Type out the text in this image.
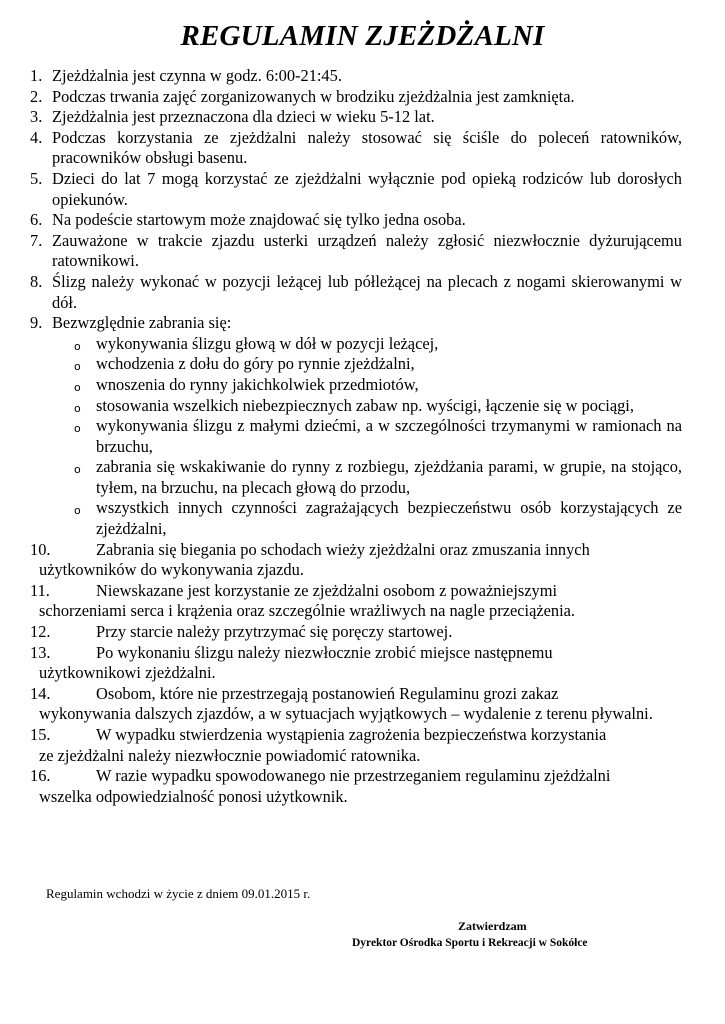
REGULAMIN ZJEŻDŻALNI
1. Zjeżdżalnia jest czynna w godz. 6:00-21:45.
2. Podczas trwania zajęć zorganizowanych w brodziku zjeżdżalnia jest zamknięta.
3. Zjeżdżalnia jest przeznaczona dla dzieci w wieku 5-12 lat.
4. Podczas korzystania ze zjeżdżalni należy stosować się ściśle do poleceń ratowników, pracowników obsługi basenu.
5. Dzieci do lat 7 mogą korzystać ze zjeżdżalni wyłącznie pod opieką rodziców lub dorosłych opiekunów.
6. Na podeście startowym może znajdować się tylko jedna osoba.
7. Zauważone w trakcie zjazdu usterki urządzeń należy zgłosić niezwłocznie dyżurującemu ratownikowi.
8. Ślizg należy wykonać w pozycji leżącej lub półleżącej na plecach z nogami skierowanymi w dół.
9. Bezwzględnie zabrania się:
o wykonywania ślizgu głową w dół w pozycji leżącej,
o wchodzenia z dołu do góry po rynnie zjeżdżalni,
o wnoszenia do rynny jakichkolwiek przedmiotów,
o stosowania wszelkich niebezpiecznych zabaw np. wyścigi, łączenie się w pociągi,
o wykonywania ślizgu z małymi dziećmi, a w szczególności trzymanymi w ramionach na brzuchu,
o zabrania się wskakiwanie do rynny z rozbiegu, zjeżdżania parami, w grupie, na stojąco, tyłem, na brzuchu, na plecach głową do przodu,
o wszystkich innych czynności zagrażających bezpieczeństwu osób korzystających ze zjeżdżalni,
10.	Zabrania się biegania po schodach wieży zjeżdżalni oraz zmuszania innych
użytkowników do wykonywania zjazdu.
11.	Niewskazane jest korzystanie ze zjeżdżalni osobom z poważniejszymi
schorzeniami serca i krążenia oraz szczególnie wrażliwych na nagle przeciążenia.
12.	Przy starcie należy przytrzymać się poręczy startowej.
13.	Po wykonaniu ślizgu należy niezwłocznie zrobić miejsce następnemu
użytkownikowi zjeżdżalni.
14.	Osobom, które nie przestrzegają postanowień Regulaminu grozi zakaz
wykonywania dalszych zjazdów, a w sytuacjach wyjątkowych – wydalenie z terenu pływalni.
15.	W wypadku stwierdzenia wystąpienia zagrożenia bezpieczeństwa korzystania
ze zjeżdżalni należy niezwłocznie powiadomić ratownika.
16.	W razie wypadku spowodowanego nie przestrzeganiem regulaminu zjeżdżalni
wszelka odpowiedzialność ponosi użytkownik.
Regulamin wchodzi w życie z dniem 09.01.2015 r.
Zatwierdzam
Dyrektor Ośrodka Sportu i Rekreacji w Sokółce
